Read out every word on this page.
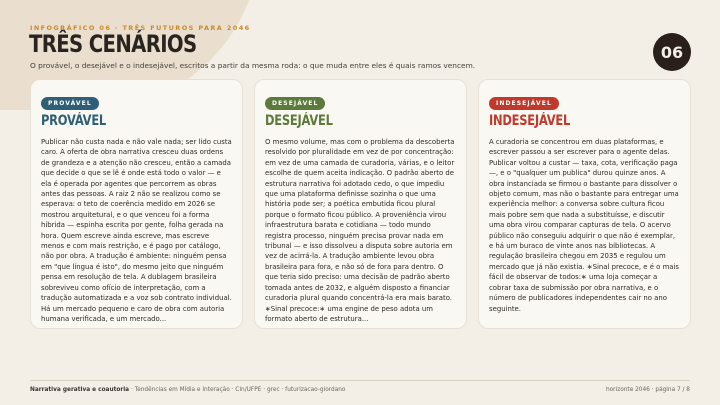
INFOGRÁFICO 06 · TRÊS FUTUROS PARA 2046
TRÊS CENÁRIOS
O provável, o desejável e o indesejável, escritos a partir da mesma roda: o que muda entre eles é quais ramos vencem.
06
PROVÁVEL
PROVÁVEL
Publicar não custa nada e não vale nada; ser lido custa caro. A oferta de obra narrativa cresceu duas ordens de grandeza e a atenção não cresceu, então a camada que decide o que se lê é onde está todo o valor — e ela é operada por agentes que percorrem as obras antes das pessoas. A raiz 2 não se realizou como se esperava: o teto de coerência medido em 2026 se mostrou arquitetural, e o que venceu foi a forma híbrida — espinha escrita por gente, folha gerada na hora. Quem escreve ainda escreve, mas escreve menos e com mais restrição, e é pago por catálogo, não por obra. A tradução é ambiente: ninguém pensa em "que língua é isto", do mesmo jeito que ninguém pensa em resolução de tela. A dublagem brasileira sobreviveu como ofício de interpretação, com a tradução automatizada e a voz sob contrato individual. Há um mercado pequeno e caro de obra com autoria humana verificada, e um mercado...
DESEJÁVEL
DESEJÁVEL
O mesmo volume, mas com o problema da descoberta resolvido por pluralidade em vez de por concentração: em vez de uma camada de curadoria, várias, e o leitor escolhe de quem aceita indicação. O padrão aberto de estrutura narrativa foi adotado cedo, o que impediu que uma plataforma definisse sozinha o que uma história pode ser; a poética embutida ficou plural porque o formato ficou público. A proveniência virou infraestrutura barata e cotidiana — todo mundo registra processo, ninguém precisa provar nada em tribunal — e isso dissolveu a disputa sobre autoria em vez de acirrá-la. A tradução ambiente levou obra brasileira para fora, e não só de fora para dentro. O que teria sido preciso: uma decisão de padrão aberto tomada antes de 2032, e alguém disposto a financiar curadoria plural quando concentrá-la era mais barato. ∗Sinal precoce:∗ uma engine de peso adota um formato aberto de estrutura...
INDESEJÁVEL
INDESEJÁVEL
A curadoria se concentrou em duas plataformas, e escrever passou a ser escrever para o agente delas. Publicar voltou a custar — taxa, cota, verificação paga —, e o "qualquer um publica" durou quinze anos. A obra instanciada se firmou o bastante para dissolver o objeto comum, mas não o bastante para entregar uma experiência melhor: a conversa sobre cultura ficou mais pobre sem que nada a substituísse, e discutir uma obra virou comparar capturas de tela. O acervo público não conseguiu adquirir o que não é exemplar, e há um buraco de vinte anos nas bibliotecas. A regulação brasileira chegou em 2035 e regulou um mercado que já não existia. ∗Sinal precoce, e é o mais fácil de observar de todos:∗ uma loja começar a cobrar taxa de submissão por obra narrativa, e o número de publicadores independentes cair no ano seguinte.
Narrativa gerativa e coautoria · Tendências em Mídia e Interação · CIn/UFPE · grec · futurizacao-giordano	horizonte 2046 · página 7 / 8
